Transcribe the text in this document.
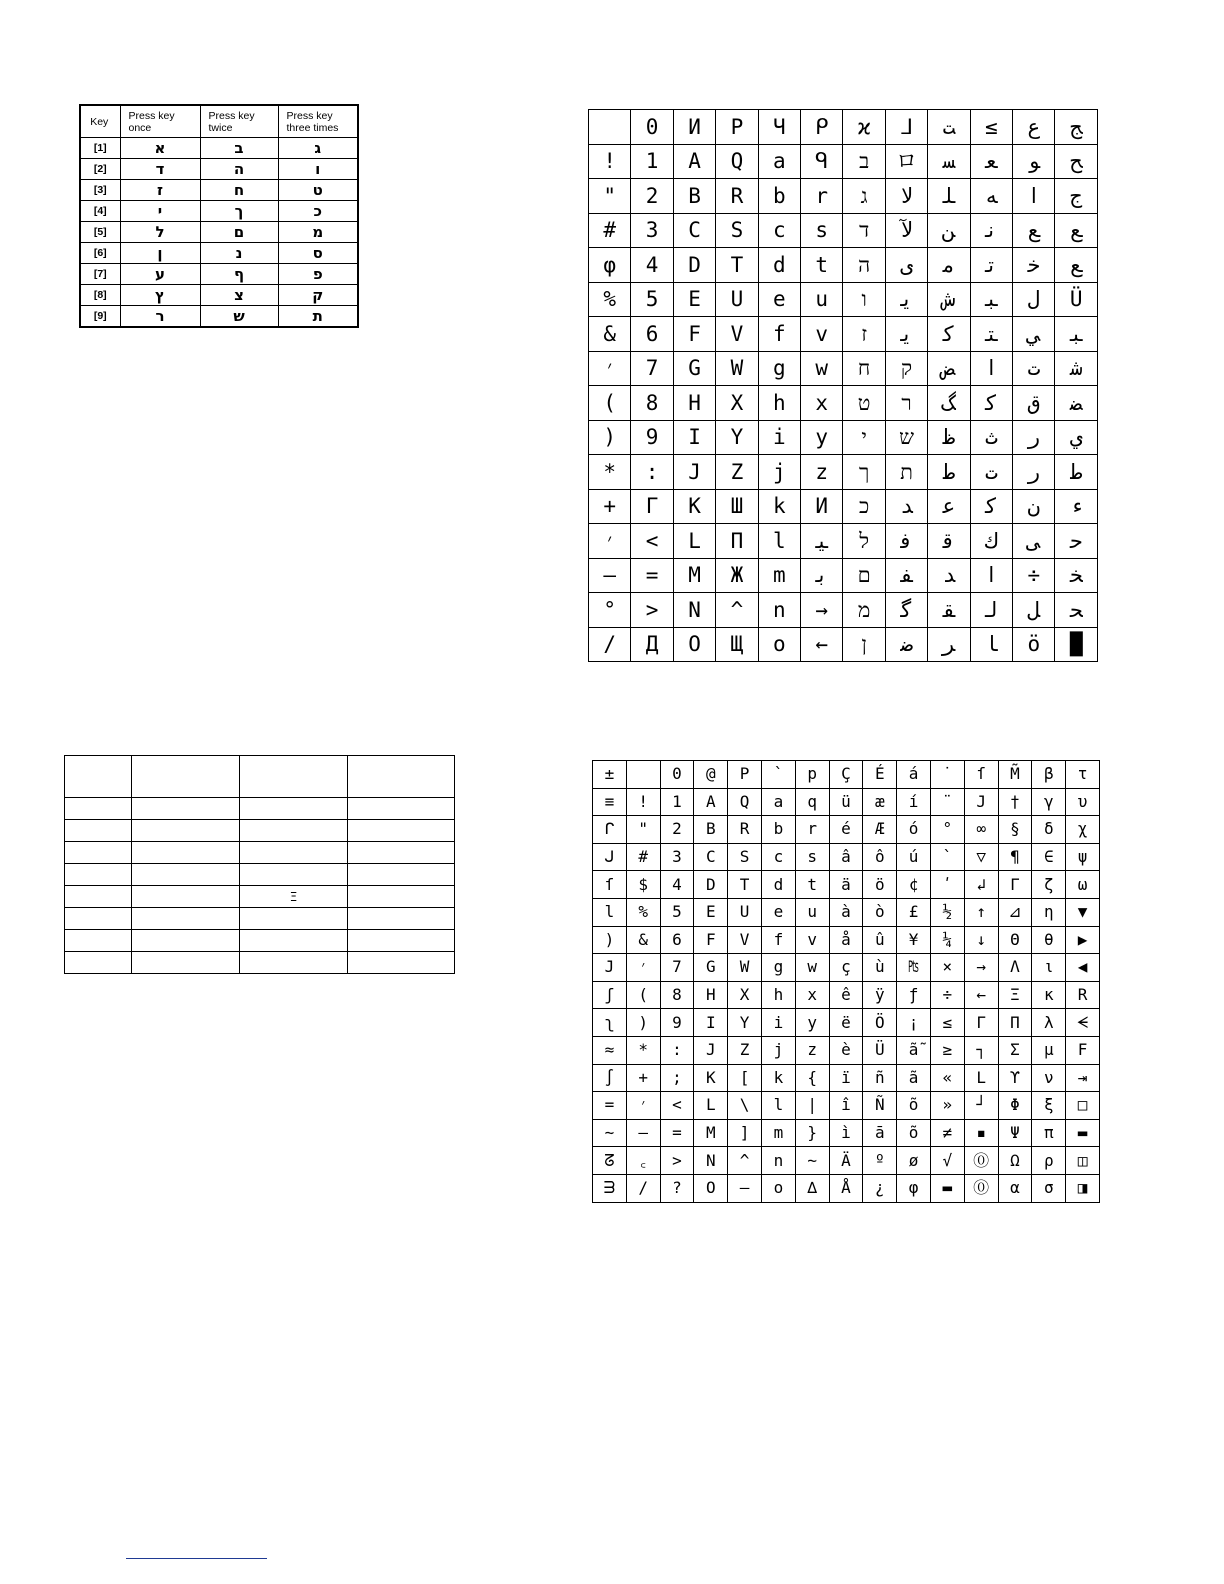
Key	Press key
once	Press key
twice	Press key
three times
[1]	א	ב	ג
[2]	ד	ה	ו
[3]	ז	ח	ט
[4]	י	ך	כ
[5]	ל	ם	מ
[6]	ן	נ	ס
[7]	ע	ף	פ
[8]	ץ	צ	ק
[9]	ר	ש	ת
	0	И	P	Ч	ᑭ	ϰ	ᒧ	ﺖ	≤	ع	ﺞ
!	1	A	Q	a	ᑫ	ב	ロ	ﺴ	ﻌ	ﻮ	ﺢ
"	2	B	R	b	r	ג	ﻻ	ﻠ	ﻪ	ﺍ	ﺝ
#	3	C	S	c	s	ד	ﻵ	ﻦ	ﻧ	ﻊ	ﻊ
φ	4	D	T	d	t	ה	ﻯ	ﻣ	ﺗ	ﺧ	ﻊ
%	5	E	U	e	u	ו	ﯾ	ﺵ	ﺒ	ل	Ü
&	6	F	V	f	v	ז	ﻳ	ﻛ	ﺘ	ﻲ	ﺒ
׳	7	G	W	g	w	ח	ק	ﺾ	ا	ﺕ	ﺷ
(	8	H	X	h	x	ט	ר	ﮓ	ﮐ	ﻕ	ﻀ
)	9	I	Y	i	y	י	ש	ﻇ	ﺙ	ﺭ	ﻱ
*	:	J	Z	j	z	ך	ת	ﻁ	ﺕ	ﺭ	ط
+	Γ	K	Ш	k	И	כ	ﺪ	ﻋ	ﻛ	ﻥ	ﺀ
׳	<	L	Π	l	ﯿ	ל	ﻓ	ﻗ	ﻙ	ﯽ	ﺣ
—	=	M	Ж	m	ﺑ	ם	ﻔ	ﺪ	ا	÷	ﺨ
°	>	N	^	n	→	מ	ﮔ	ﻘ	ﻟ	ﻞ	ﺤ
/	Д	O	Щ	o	←	ן	ﺿ	ﺮ	ﺎ	ö	█

		Ξ	

±		0	@	P	`	p	Ç	É	á	˙	ſ	M̃	β	τ
≡	!	1	A	Q	a	q	ü	æ	í	¨	J	†	γ	υ
ᒋ	"	2	B	R	b	r	é	Æ	ó	°	∞	§	δ	χ
ᒍ	#	3	C	S	c	s	â	ô	ú	`	▽	¶	∈	ψ
ſ	$	4	D	T	d	t	ä	ö	¢	ʹ	↲	Γ	ζ	ω
l	%	5	E	U	e	u	à	ò	£	½	↑	⊿	η	▼
)	&	6	F	V	f	v	å	û	¥	¼	↓	Θ	θ	▶
J	׳	7	G	W	g	w	ç	ù	₧	×	→	Λ	ι	◀
ʃ	(	8	H	X	h	x	ê	ÿ	ƒ	÷	←	Ξ	κ	R
ʅ	)	9	I	Y	i	y	ë	Ö	¡	≤	Γ	Π	λ	ᗕ
≈	*	:	J	Z	j	z	è	Ü	ã̃	≥	┐	Σ	μ	F
∫	+	;	K	[	k	{	ï	ñ	ã	«	L	ϒ	ν	⇥
=	׳	<	L	\	l	|	î	Ñ	õ	»	┘	Φ	ξ	□
∼	—	=	M	]	m	}	ì	ā	õ	≠	▪	Ψ	π	▬
ᘔ	꜀	>	N	^	n	~	Ä	º	ø	√	⓪	Ω	ρ	◫
ᗱ	/	?	O	—	o	∆	Å	¿	φ	▬	⓪	α	σ	◨
